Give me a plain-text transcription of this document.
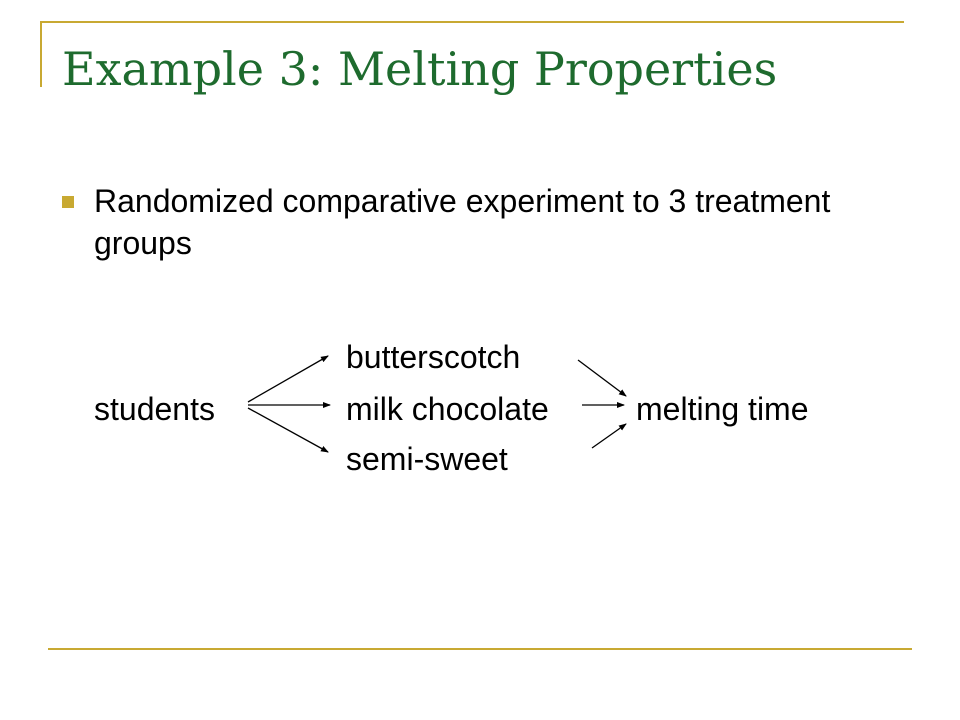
Example 3: Melting Properties

Randomized comparative experiment to 3 treatment groups

students
butterscotch
milk chocolate
semi-sweet
melting time
